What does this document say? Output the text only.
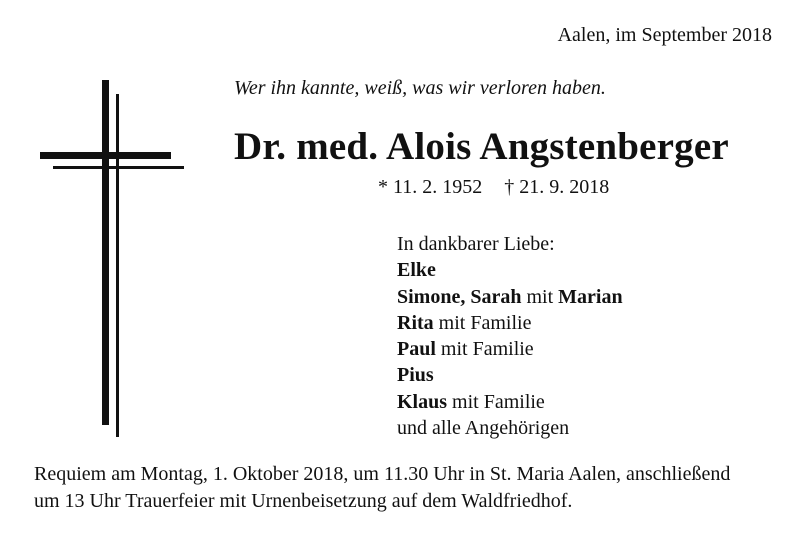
Aalen, im September 2018
Wer ihn kannte, weiß, was wir verloren haben.
Dr. med. Alois Angstenberger
* 11. 2. 1952 † 21. 9. 2018
In dankbarer Liebe:
Elke
Simone, Sarah mit Marian
Rita mit Familie
Paul mit Familie
Pius
Klaus mit Familie
und alle Angehörigen
Requiem am Montag, 1. Oktober 2018, um 11.30 Uhr in St. Maria Aalen, anschließend
um 13 Uhr Trauerfeier mit Urnenbeisetzung auf dem Waldfriedhof.
